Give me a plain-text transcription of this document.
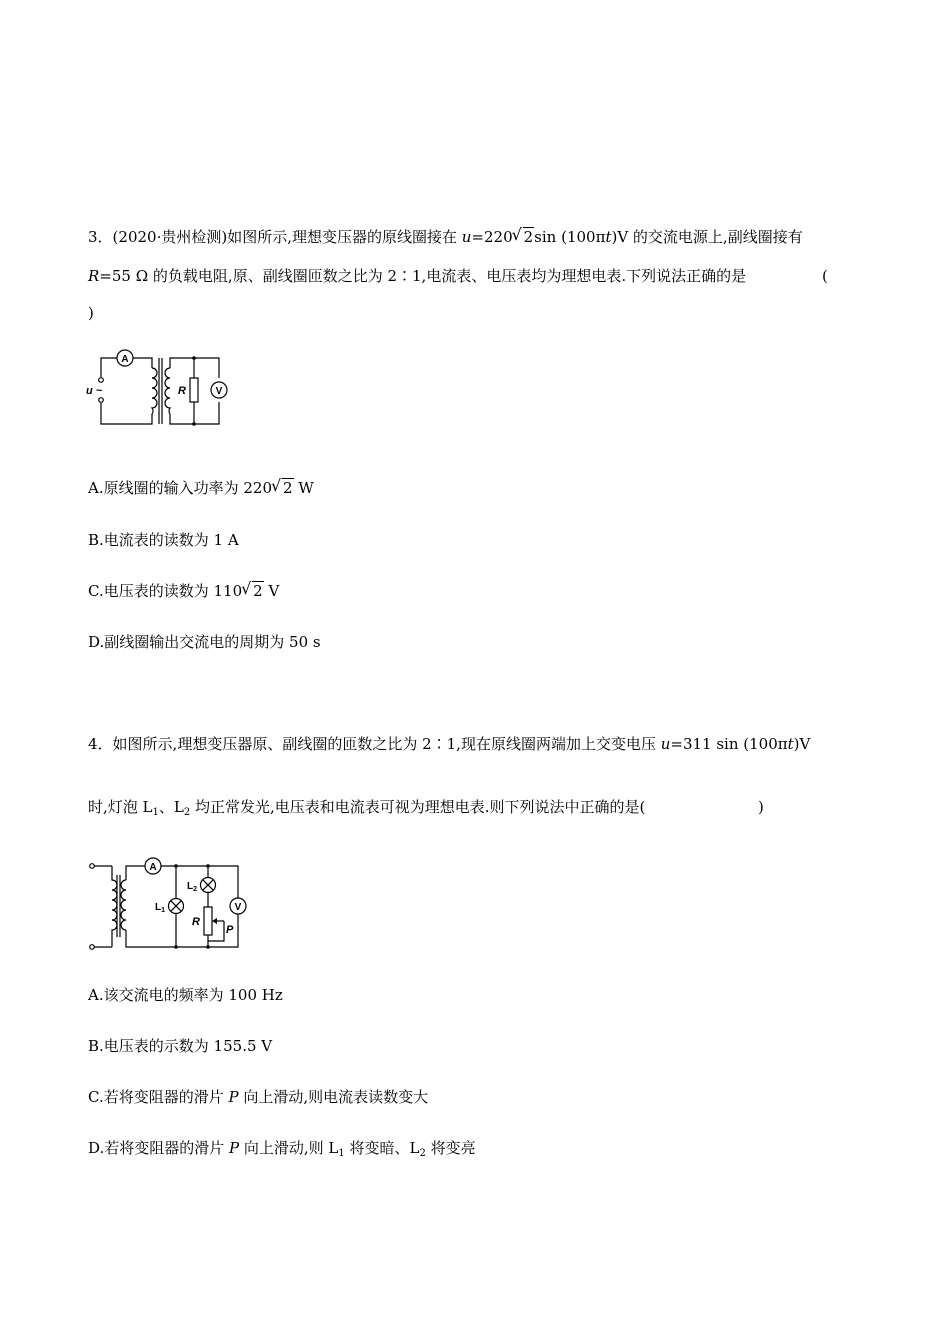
3．(2020·贵州检测)如图所示,理想变压器的原线圈接在 u=220 √ 2sin (100πt)V 的交流电源上,副线圈接有
R=55 Ω 的负载电阻,原、副线圈匝数之比为 2∶1,电流表、电压表均为理想电表.下列说法正确的是	(
)
A
V
u ~	R
A.原线圈的输入功率为 220 √ 2 W
B.电流表的读数为 1 A
C.电压表的读数为 110 √ 2 V
D.副线圈输出交流电的周期为 50 s
4．如图所示,理想变压器原、副线圈的匝数之比为 2∶1,现在原线圈两端加上交变电压 u=311 sin (100πt)V
时,灯泡 $L_1$、$L_2$ 均正常发光,电压表和电流表可视为理想电表.则下列说法中正确的是(	)
A
V
$L_1$
$L_2$
R
P
A.该交流电的频率为 100 Hz
B.电压表的示数为 155.5 V
C.若将变阻器的滑片 P 向上滑动,则电流表读数变大
D.若将变阻器的滑片 P 向上滑动,则 $L_1$ 将变暗、$L_2$ 将变亮
